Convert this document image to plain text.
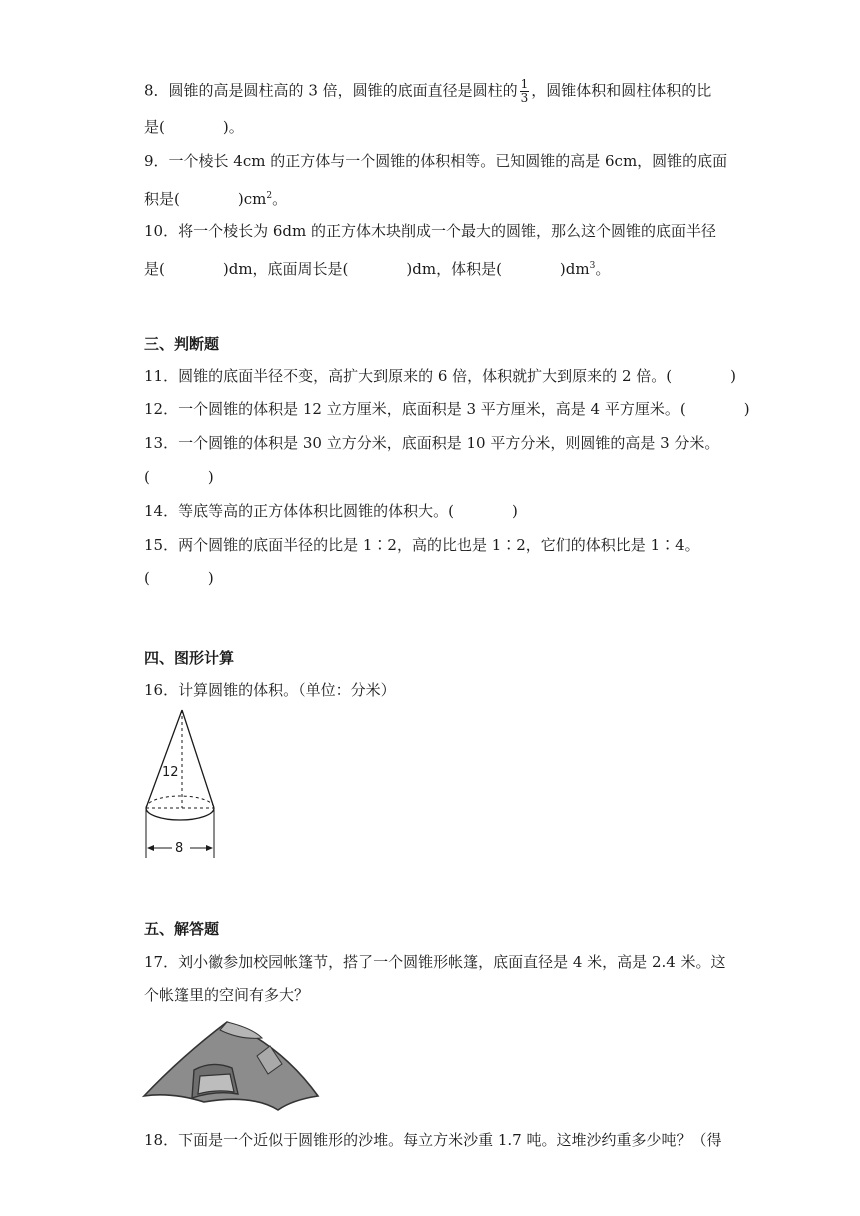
8．圆锥的高是圆柱高的 3 倍，圆锥的底面直径是圆柱的 $\frac{1}{3}$ ，圆锥体积和圆柱体积的比
是(	)。
9．一个棱长 4cm 的正方体与一个圆锥的体积相等。已知圆锥的高是 6cm，圆锥的底面
积是(	)$cm^2$。
10．将一个棱长为 6dm 的正方体木块削成一个最大的圆锥，那么这个圆锥的底面半径
是(	)dm，底面周长是(	)dm，体积是(	)$dm^3$。
三、判断题
11．圆锥的底面半径不变，高扩大到原来的 6 倍，体积就扩大到原来的 2 倍。(	)
12．一个圆锥的体积是 12 立方厘米，底面积是 3 平方厘米，高是 4 平方厘米。(	)
13．一个圆锥的体积是 30 立方分米，底面积是 10 平方分米，则圆锥的高是 3 分米。
(	)
14．等底等高的正方体体积比圆锥的体积大。(	)
15．两个圆锥的底面半径的比是 1∶2，高的比也是 1∶2，它们的体积比是 1∶4。
(	)
四、图形计算
16．计算圆锥的体积。（单位：分米）
12
8
五、解答题
17．刘小徽参加校园帐篷节，搭了一个圆锥形帐篷，底面直径是 4 米，高是 2.4 米。这
个帐篷里的空间有多大？
18．下面是一个近似于圆锥形的沙堆。每立方米沙重 1.7 吨。这堆沙约重多少吨？（得
